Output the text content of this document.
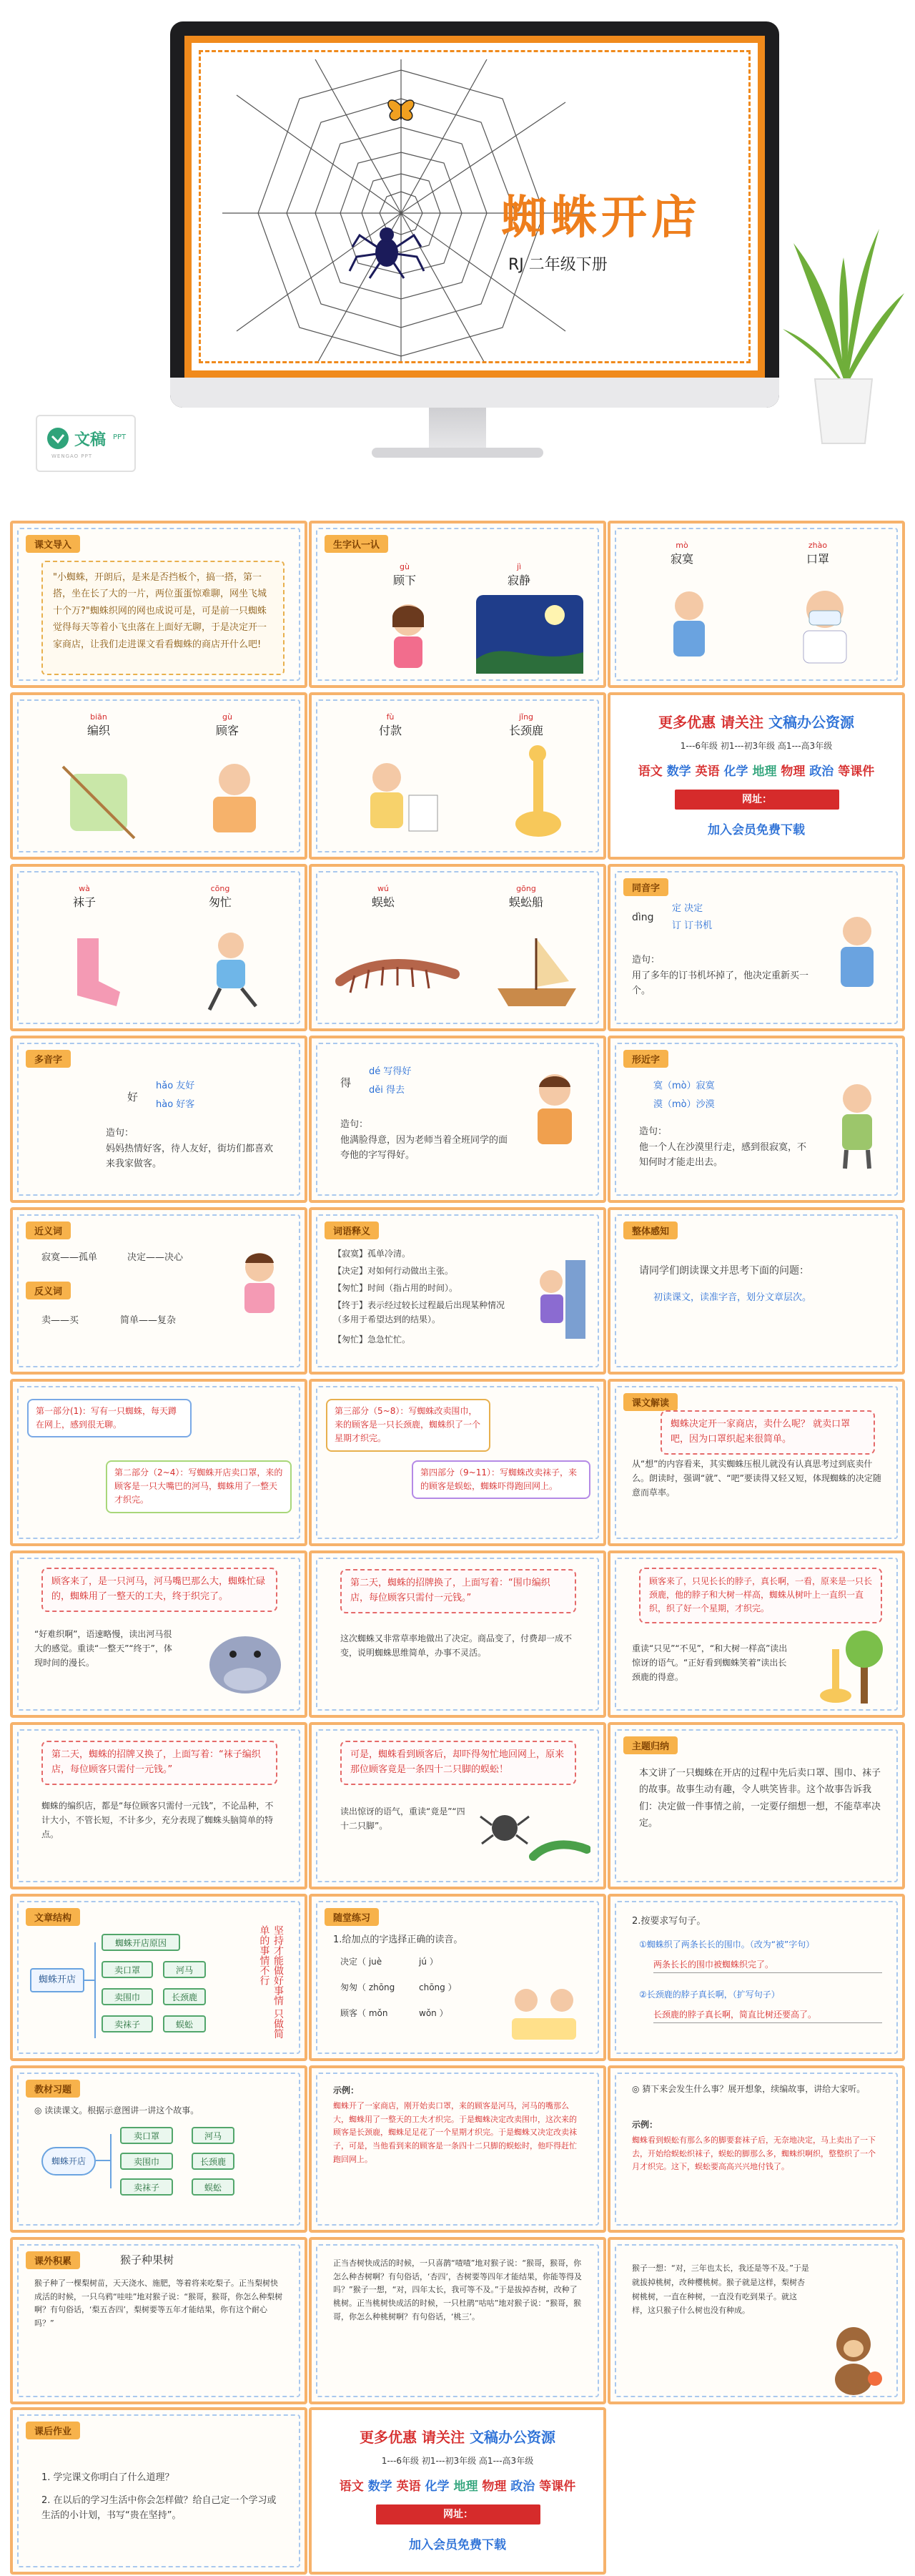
蜘蛛开店
RJ 二年级下册
文稿 PPT
WENGAO PPT
课文导入
"小蜘蛛，开朗后，是来是否挡板个，搞一搭，第一搭，坐在长了大的一片，两位蛋蛋惊难聊，网坐飞城十个万?"蜘蛛织网的网也成说可是，可是前一只蜘蛛觉得每天等着小飞虫落在上面好无聊，于是决定开一家商店，让我们走进课文看看蜘蛛的商店开什么吧!
生字认一认
gù
顾下
jì
寂静
mò
寂寞
zhào
口罩
biān
编织
gù
顾客
fù
付款
jǐng
长颈鹿	更多优惠 请关注 文稿办公资源
1---6年级 初1---初3年级 高1---高3年级
语文 数学 英语 化学 地理 物理 政治 等课件
网址：https://www.wgppt.com
加入会员免费下载
wà
袜子
cōng
匆忙
wú
蜈蚣
gōng
蜈蚣船
同音字
dìng
定 决定
订 订书机
造句：
用了多年的订书机坏掉了，他决定重新买一个。
多音字
好
hǎo 友好
hào 好客
造句：
妈妈热情好客，待人友好，街坊们都喜欢来我家做客。
得
dé 写得好
děi 得去
造句：
他满脸得意，因为老师当着全班同学的面夸他的字写得好。
形近字
寞（mò）寂寞
漠（mò）沙漠
造句：
他一个人在沙漠里行走，感到很寂寞，不知何时才能走出去。
近义词
寂寞——孤单	决定——决心
反义词
卖——买	简单——复杂
词语释义
【寂寞】孤单冷清。
【决定】对如何行动做出主张。
【匆忙】时间（指占用的时间）。
【终于】表示经过较长过程最后出现某种情况（多用于希望达到的结果）。
【匆忙】急急忙忙。
整体感知
请同学们朗读课文并思考下面的问题：
初读课文，读准字音，划分文章层次。
第一部分(1)：写有一只蜘蛛，每天蹲在网上，感到很无聊。
第二部分（2~4）：写蜘蛛开店卖口罩，来的顾客是一只大嘴巴的河马，蜘蛛用了一整天才织完。
第三部分（5~8）：写蜘蛛改卖围巾，来的顾客是一只长颈鹿，蜘蛛织了一个星期才织完。
第四部分（9~11）：写蜘蛛改卖袜子，来的顾客是蜈蚣，蜘蛛吓得跑回网上。
课文解读
蜘蛛决定开一家商店，卖什么呢？ 就卖口罩吧，因为口罩织起来很简单。
从“想”的内容看来，其实蜘蛛压根儿就没有认真思考过到底卖什么。朗读时，强调“就”、“吧”要读得又轻又短，体现蜘蛛的决定随意而草率。
顾客来了，是一只河马，河马嘴巴那么大，蜘蛛忙碌的，蜘蛛用了一整天的工夫，终于织完了。
“好难织啊”，语速略慢，读出河马很大的感觉。重读“一整天”“终于”，体现时间的漫长。
第二天，蜘蛛的招牌换了，上面写着：“围巾编织店，每位顾客只需付一元钱。”
这次蜘蛛又非常草率地做出了决定。商品变了，付费却一成不变，说明蜘蛛思维简单，办事不灵活。
顾客来了，只见长长的脖子，真长啊，一看，原来是一只长颈鹿，他的脖子和大树一样高，蜘蛛从树叶上一直织一直织，织了好一个星期，才织完。
重读“只见”“不见”，“和大树一样高”读出惊讶的语气。“正好看到蜘蛛笑着”读出长颈鹿的得意。
第二天，蜘蛛的招牌又换了，上面写着：“袜子编织店，每位顾客只需付一元钱。”
蜘蛛的编织店，都是“每位顾客只需付一元钱”，不论品种，不计大小，不管长短，不计多少，充分表现了蜘蛛头脑简单的特点。
可是，蜘蛛看到顾客后，却吓得匆忙地回网上，原来那位顾客竟是一条四十二只脚的蜈蚣！
读出惊讶的语气，重读“竟是”“四十二只脚”。
主题归纳
本文讲了一只蜘蛛在开店的过程中先后卖口罩、围巾、袜子的故事。故事生动有趣，令人哄笑皆非。这个故事告诉我们：决定做一件事情之前，一定要仔细想一想，不能草率决定。
文章结构
蜘蛛开店
蜘蛛开店原因
卖口罩	河马
卖围巾	长颈鹿
卖袜子	蜈蚣	坚持才能做好事情 只做简单的事情不行
随堂练习
1.给加点的字选择正确的读音。
决定（ juè	jú ）
匆匆（ zhōng	chōng ）
顾客（ mǒn	wǒn ）
2.按要求写句子。
①蜘蛛织了两条长长的围巾。（改为“被”字句）
两条长长的围巾被蜘蛛织完了。
②长颈鹿的脖子真长啊，（扩写句子）
长颈鹿的脖子真长啊，简直比树还要高了。
教材习题
◎ 读读课文。根据示意图讲一讲这个故事。
蜘蛛开店
卖口罩	河马
卖围巾	长颈鹿
卖袜子	蜈蚣
示例：
蜘蛛开了一家商店，刚开始卖口罩，来的顾客是河马，河马的嘴那么大，蜘蛛用了一整天的工夫才织完。于是蜘蛛决定改卖围巾，这次来的顾客是长颈鹿，蜘蛛足足花了一个星期才织完。于是蜘蛛又决定改卖袜子，可是，当他看到来的顾客是一条四十二只脚的蜈蚣时，他吓得赶忙跑回网上。
◎ 猜下来会发生什么事？展开想象，续编故事，讲给大家听。
示例：
蜘蛛看到蜈蚣有那么多的脚要套袜子后，无奈地决定，马上卖出了一下去，开始给蜈蚣织袜子，蜈蚣的脚那么多，蜘蛛织啊织，整整织了一个月才织完。这下，蜈蚣要高高兴兴地付钱了。
课外积累	猴子种果树
猴子种了一棵梨树苗，天天浇水、施肥，等着将来吃梨子。正当梨树快成活的时候，一只乌鸦“哇哇”地对猴子说：“猴哥，猴哥，你怎么种梨树啊？有句俗话，‘梨五杏四’，梨树要等五年才能结果，你有这个耐心吗？”
正当杏树快成活的时候，一只喜鹊“喳喳”地对猴子说：“猴哥，猴哥，你怎么种杏树啊？有句俗话，‘杏四’，杏树要等四年才能结果，你能等得及吗？”猴子一想，“对，四年太长，我可等不及。”于是拔掉杏树，改种了桃树。正当桃树快成活的时候，一只杜鹃“咕咕”地对猴子说：“猴哥，猴哥，你怎么种桃树啊？有句俗话，‘桃三’。
猴子一想：“对，三年也太长，我还是等不及。”于是就拔掉桃树，改种樱桃树。猴子就是这样，梨树杏树桃树，一直在种树，一直没有吃到果子。就这样，这只猴子什么树也没有种成。
课后作业
1. 学完课文你明白了什么道理？
2. 在以后的学习生活中你会怎样做？给自己定一个学习或生活的小计划，书写“贵在坚持”。
更多优惠 请关注 文稿办公资源
1---6年级 初1---初3年级 高1---高3年级
语文 数学 英语 化学 地理 物理 政治 等课件
网址：https://www.wgppt.com
加入会员免费下载
